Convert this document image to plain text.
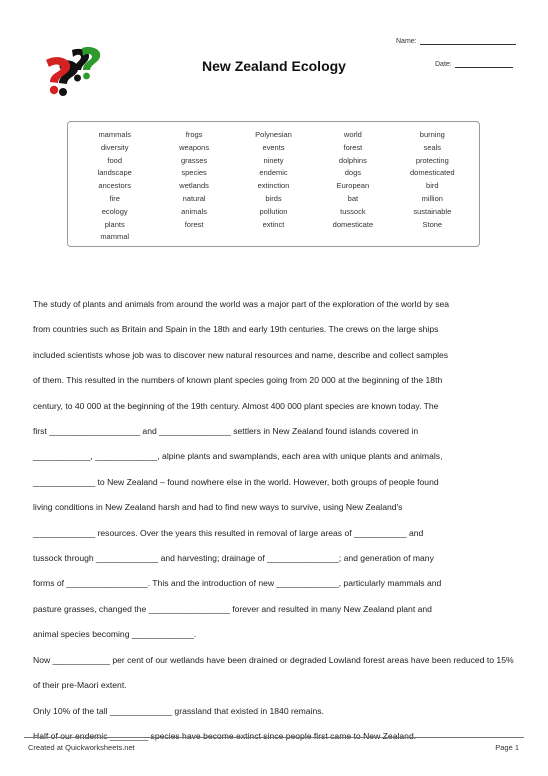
New Zealand Ecology
Name:
Date:
mammals	frogs	Polynesian	world	burning
diversity	weapons	events	forest	seals
food	grasses	ninety	dolphins	protecting
landscape	species	endemic	dogs	domesticated
ancestors	wetlands	extinction	European	bird
fire	natural	birds	bat	million
ecology	animals	pollution	tussock	sustainable
plants	forest	extinct	domesticate	Stone
mammal

The study of plants and animals from around the world was a major part of the exploration of the world by sea

from countries such as Britain and Spain in the 18th and early 19th centuries. The crews on the large ships

included scientists whose job was to discover new natural resources and name, describe and collect samples

of them. This resulted in the numbers of known plant species going from 20 000 at the beginning of the 18th

century, to 40 000 at the beginning of the 19th century. Almost 400 000 plant species are known today. The

first ___________________ and _______________ settlers in New Zealand found islands covered in

____________, _____________, alpine plants and swamplands, each area with unique plants and animals,

_____________ to New Zealand – found nowhere else in the world. However, both groups of people found

living conditions in New Zealand harsh and had to find new ways to survive, using New Zealand's

_____________ resources. Over the years this resulted in removal of large areas of ___________ and

tussock through _____________ and harvesting; drainage of _______________; and generation of many

forms of _________________. This and the introduction of new _____________, particularly mammals and

pasture grasses, changed the _________________ forever and resulted in many New Zealand plant and

animal species becoming _____________.

Now ____________ per cent of our wetlands have been drained or degraded Lowland forest areas have been reduced to 15% of their pre-Maori extent.

Only 10% of the tall _____________ grassland that existed in 1840 remains.

Half of our endemic ________ species have become extinct since people first came to New Zealand.

Created at Quickworksheets.net	Page 1
